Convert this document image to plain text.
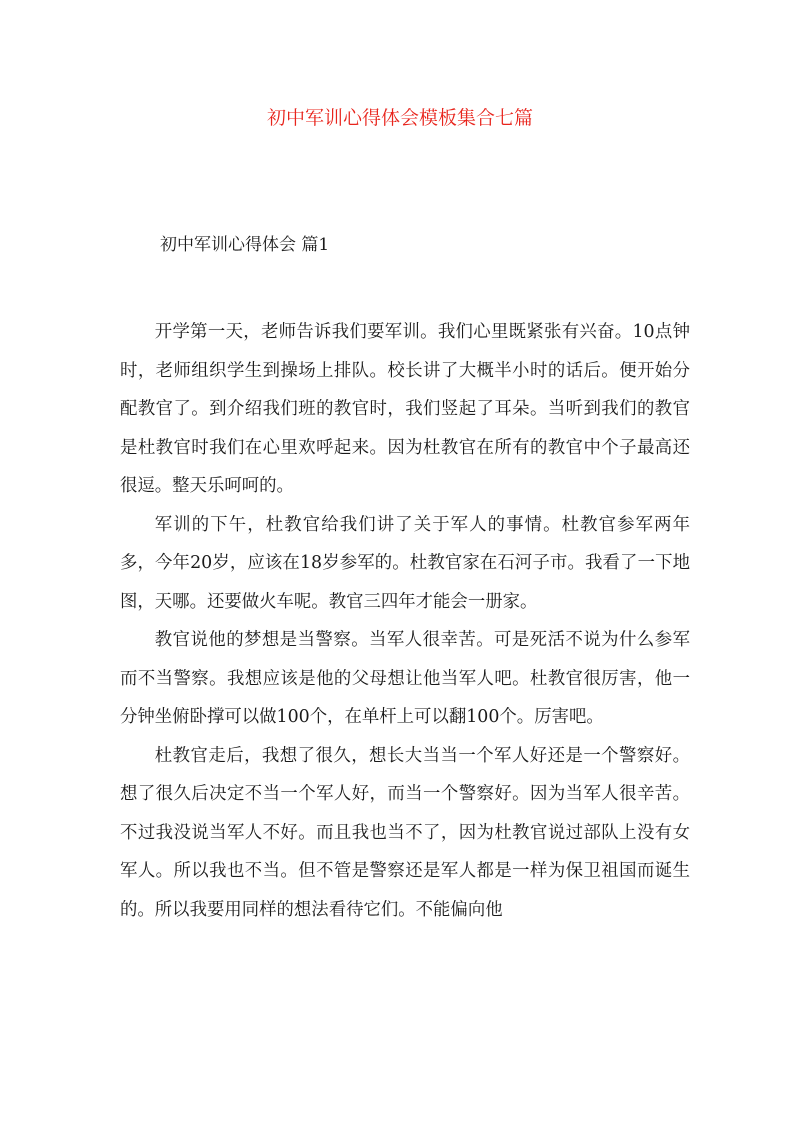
初中军训心得体会模板集合七篇
初中军训心得体会 篇1

开学第一天，老师告诉我们要军训。我们心里既紧张有兴奋。10点钟时，老师组织学生到操场上排队。校长讲了大概半小时的话后。便开始分配教官了。到介绍我们班的教官时，我们竖起了耳朵。当听到我们的教官是杜教官时我们在心里欢呼起来。因为杜教官在所有的教官中个子最高还很逗。整天乐呵呵的。

军训的下午，杜教官给我们讲了关于军人的事情。杜教官参军两年多，今年20岁，应该在18岁参军的。杜教官家在石河子市。我看了一下地图，天哪。还要做火车呢。教官三四年才能会一册家。

教官说他的梦想是当警察。当军人很幸苦。可是死活不说为什么参军而不当警察。我想应该是他的父母想让他当军人吧。杜教官很厉害，他一分钟坐俯卧撑可以做100个，在单杆上可以翻100个。厉害吧。

杜教官走后，我想了很久，想长大当当一个军人好还是一个警察好。想了很久后决定不当一个军人好，而当一个警察好。因为当军人很辛苦。不过我没说当军人不好。而且我也当不了，因为杜教官说过部队上没有女军人。所以我也不当。但不管是警察还是军人都是一样为保卫祖国而诞生的。所以我要用同样的想法看待它们。不能偏向他
